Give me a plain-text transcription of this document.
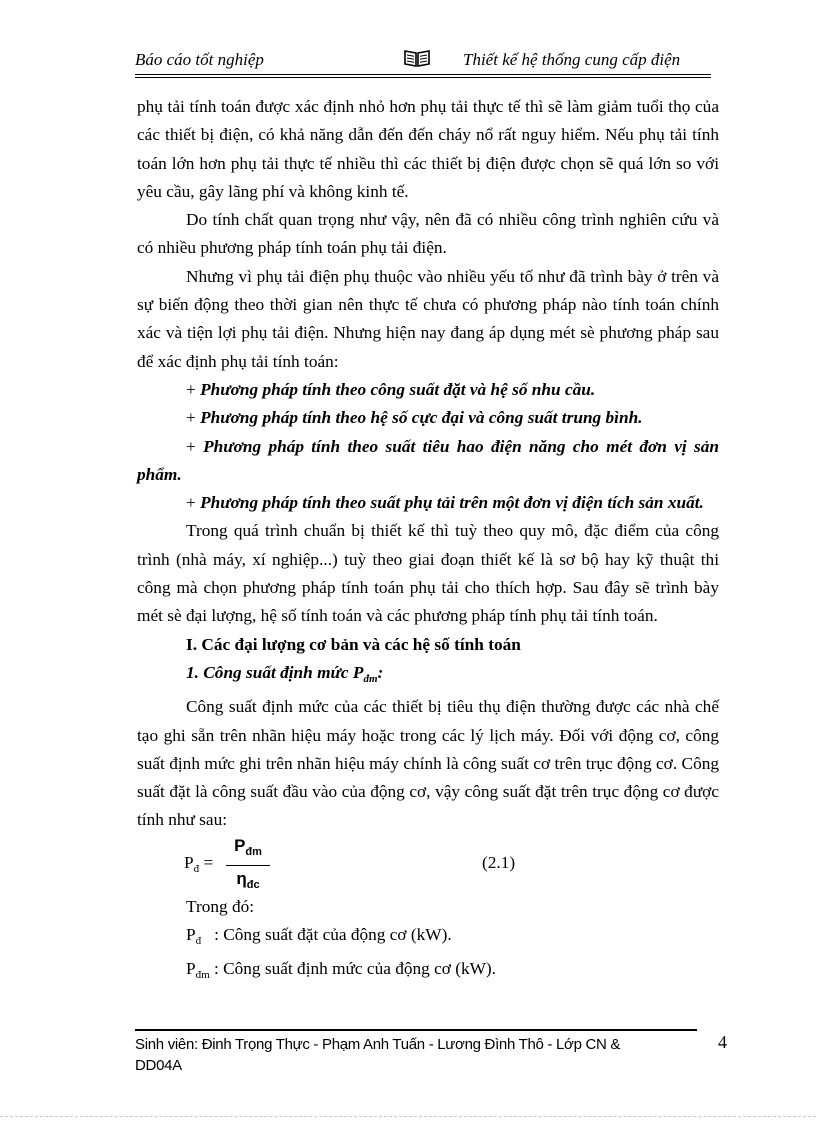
Báo cáo tốt nghiệp	Thiết kế hệ thống cung cấp điện

phụ tải tính toán được xác định nhỏ hơn phụ tải thực tế thì sẽ làm giảm tuổi thọ của các thiết bị điện, có khả năng dẫn đến đến cháy nổ rất nguy hiểm. Nếu phụ tải tính toán lớn hơn phụ tải thực tế nhiều thì các thiết bị điện được chọn sẽ quá lớn so với yêu cầu, gây lãng phí và không kinh tế.

Do tính chất quan trọng như vậy, nên đã có nhiều công trình nghiên cứu và có nhiều phương pháp tính toán phụ tải điện.

Nhưng vì phụ tải điện phụ thuộc vào nhiều yếu tố như đã trình bày ở trên và sự biến động theo thời gian nên thực tế chưa có phương pháp nào tính toán chính xác và tiện lợi phụ tải điện. Nhưng hiện nay đang áp dụng mét sè phương pháp sau để xác định phụ tải tính toán:

+ Phương pháp tính theo công suất đặt và hệ số nhu cầu.

+ Phương pháp tính theo hệ số cực đại và công suất trung bình.

+ Phương pháp tính theo suất tiêu hao điện năng cho mét đơn vị sản phẩm.

+ Phương pháp tính theo suất phụ tải trên một đơn vị điện tích sản xuất.

Trong quá trình chuẩn bị thiết kế thì tuỳ theo quy mô, đặc điểm của công trình (nhà máy, xí nghiệp...) tuỳ theo giai đoạn thiết kế là sơ bộ hay kỹ thuật thi công mà chọn phương pháp tính toán phụ tải cho thích hợp. Sau đây sẽ trình bày mét sè đại lượng, hệ số tính toán và các phương pháp tính phụ tải tính toán.

I. Các đại lượng cơ bản và các hệ số tính toán

1. Công suất định mức $P_{đm}$:

Công suất định mức của các thiết bị tiêu thụ điện thường được các nhà chế tạo ghi sẵn trên nhãn hiệu máy hoặc trong các lý lịch máy. Đối với động cơ, công suất định mức ghi trên nhãn hiệu máy chính là công suất cơ trên trục động cơ. Công suất đặt là công suất đầu vào của động cơ, vậy công suất đặt trên trục động cơ được tính như sau:

$P_đ$ =
$P_{đm}$
$\eta_{đc}$
(2.1)

Trong đó:

$P_đ$   : Công suất đặt của động cơ (kW).

$P_{đm}$ : Công suất định mức của động cơ (kW).

Sinh viên: Đinh Trọng Thực - Phạm Anh Tuấn - Lương Đình Thô - Lớp CN & DD04A
4
